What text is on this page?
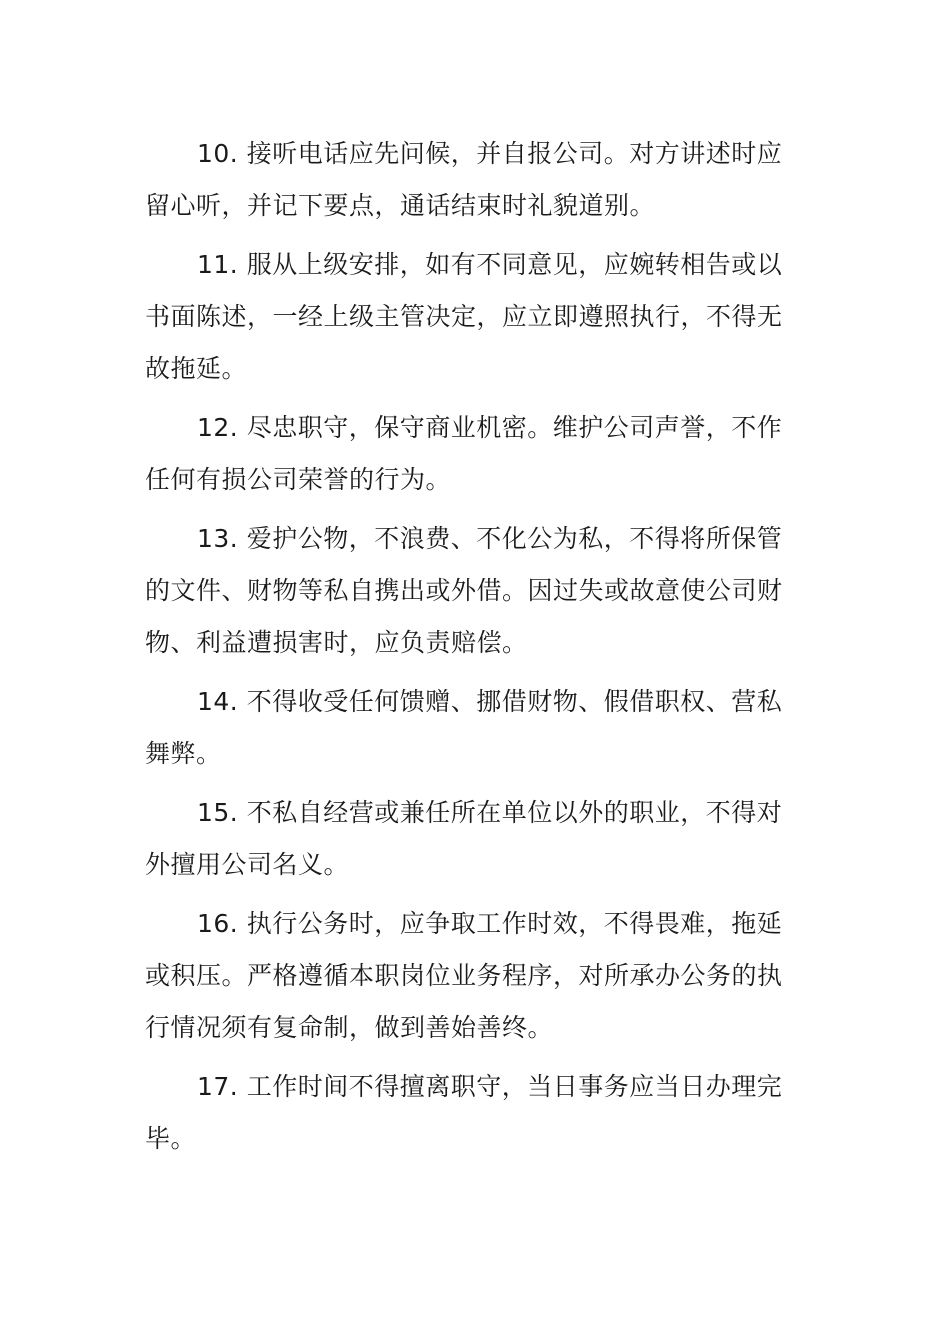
10. 接听电话应先问候，并自报公司。对方讲述时应留心听，并记下要点，通话结束时礼貌道别。

11. 服从上级安排，如有不同意见，应婉转相告或以书面陈述，一经上级主管决定，应立即遵照执行，不得无故拖延。

12. 尽忠职守，保守商业机密。维护公司声誉，不作任何有损公司荣誉的行为。

13. 爱护公物，不浪费、不化公为私，不得将所保管的文件、财物等私自携出或外借。因过失或故意使公司财物、利益遭损害时，应负责赔偿。

14. 不得收受任何馈赠、挪借财物、假借职权、营私舞弊。

15. 不私自经营或兼任所在单位以外的职业，不得对外擅用公司名义。

16. 执行公务时，应争取工作时效，不得畏难，拖延或积压。严格遵循本职岗位业务程序，对所承办公务的执行情况须有复命制，做到善始善终。

17. 工作时间不得擅离职守，当日事务应当日办理完毕。
